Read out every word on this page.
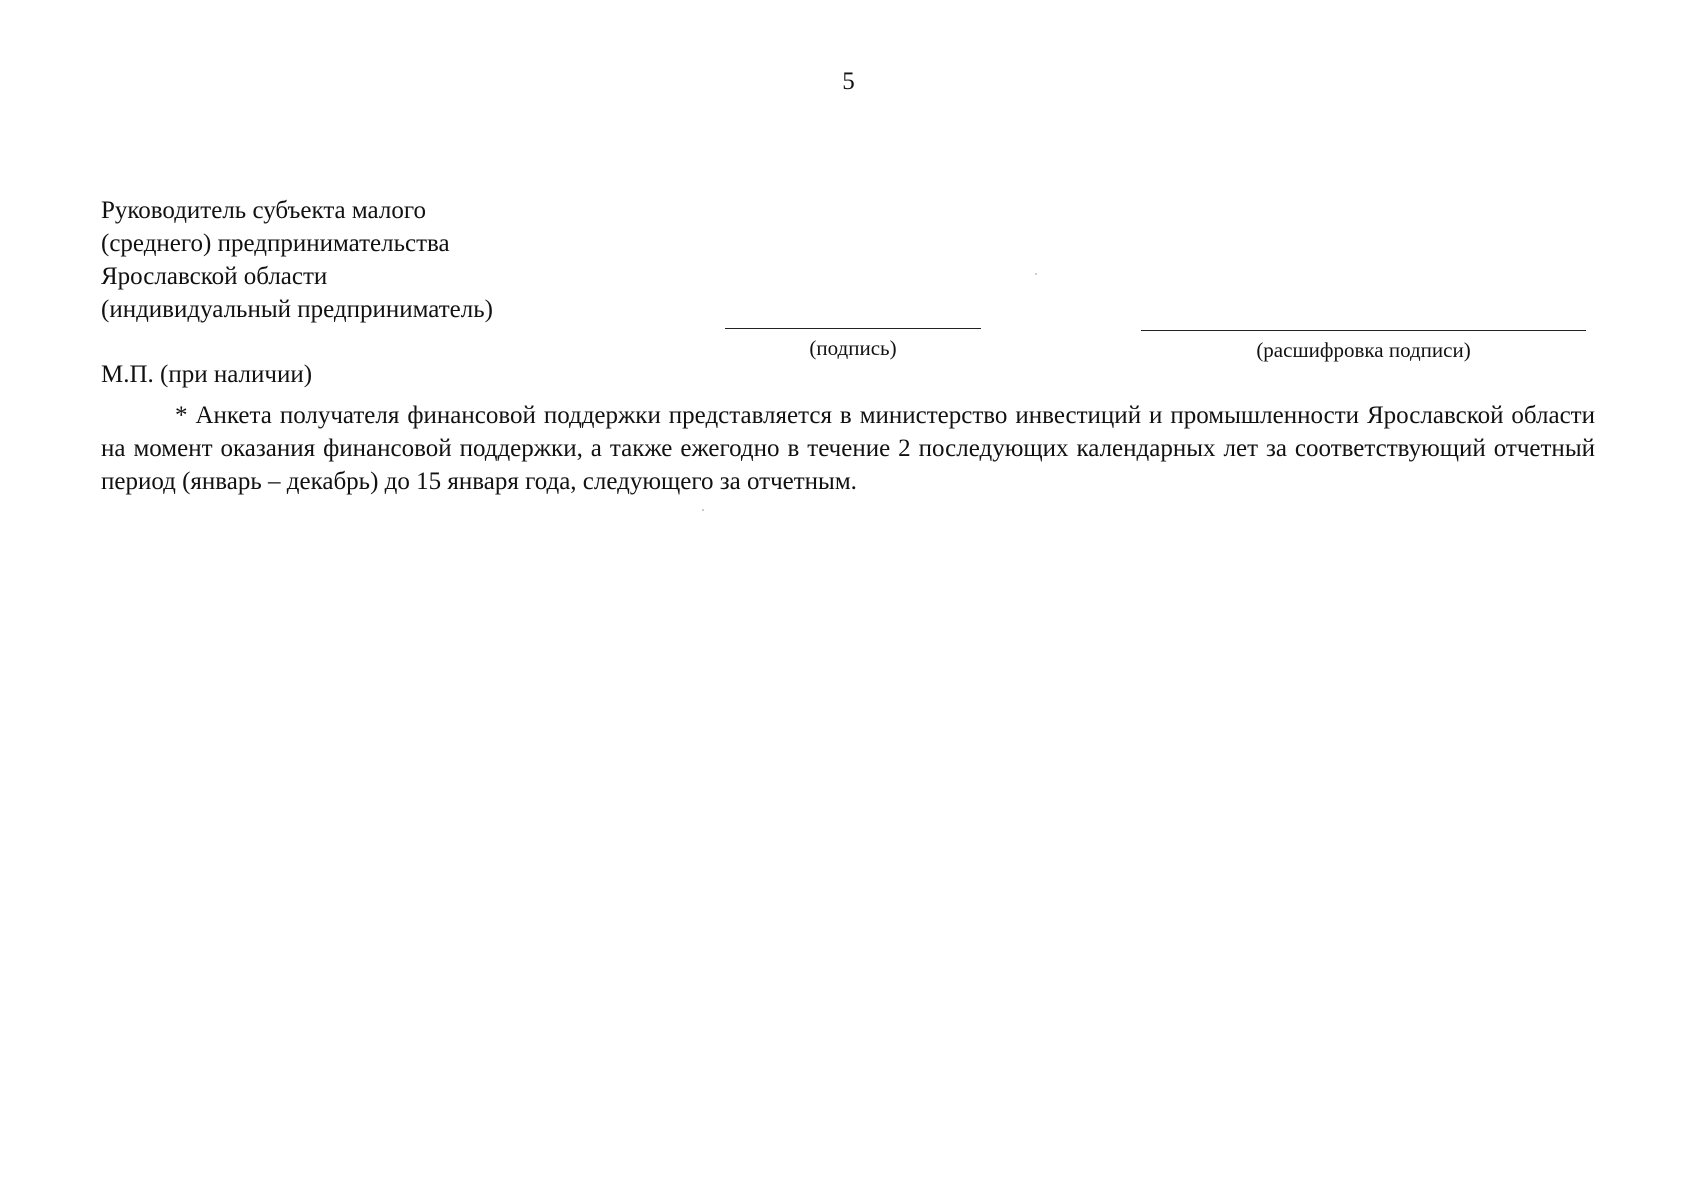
5
Руководитель субъекта малого
(среднего) предпринимательства
Ярославской области
(индивидуальный предприниматель)
(подпись)	(расшифровка подписи)
М.П. (при наличии)
* Анкета получателя финансовой поддержки представляется в министерство инвестиций и промышленности Ярославской области на момент оказания финансовой поддержки, а также ежегодно в течение 2 последующих календарных лет за соответствующий отчетный период (январь – декабрь) до 15 января года, следующего за отчетным.
